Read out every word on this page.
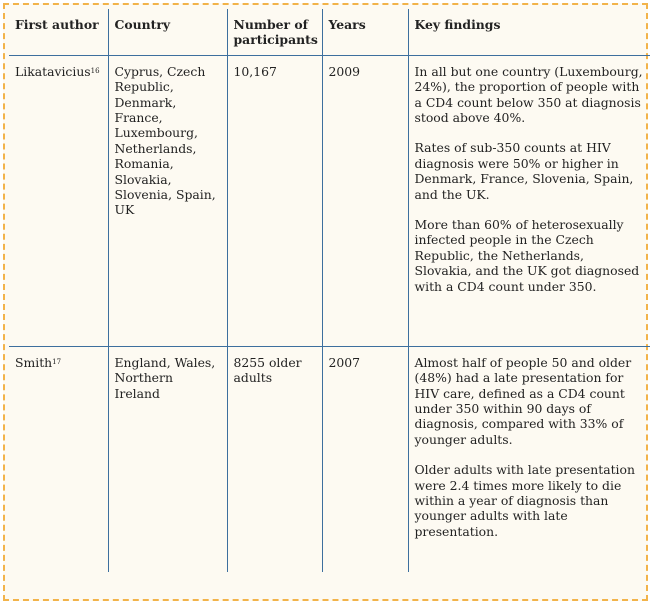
First author	Country	Number of participants	Years	Key findings
Likatavicius$^{16}$	Cyprus, Czech Republic, Denmark, France, Luxembourg, Netherlands, Romania, Slovakia, Slovenia, Spain, UK	10,167	2009	In all but one country (Luxembourg, 24%), the proportion of people with a CD4 count below 350 at diagnosis stood above 40%.
Rates of sub-350 counts at HIV diagnosis were 50% or higher in Denmark, France, Slovenia, Spain, and the UK.
More than 60% of heterosexually infected people in the Czech Republic, the Netherlands, Slovakia, and the UK got diagnosed with a CD4 count under 350.

Smith$^{17}$	England, Wales, Northern Ireland	8255 older adults	2007	Almost half of people 50 and older (48%) had a late presentation for HIV care, defined as a CD4 count under 350 within 90 days of diagnosis, compared with 33% of younger adults.
Older adults with late presentation were 2.4 times more likely to die within a year of diagnosis than younger adults with late presentation.
